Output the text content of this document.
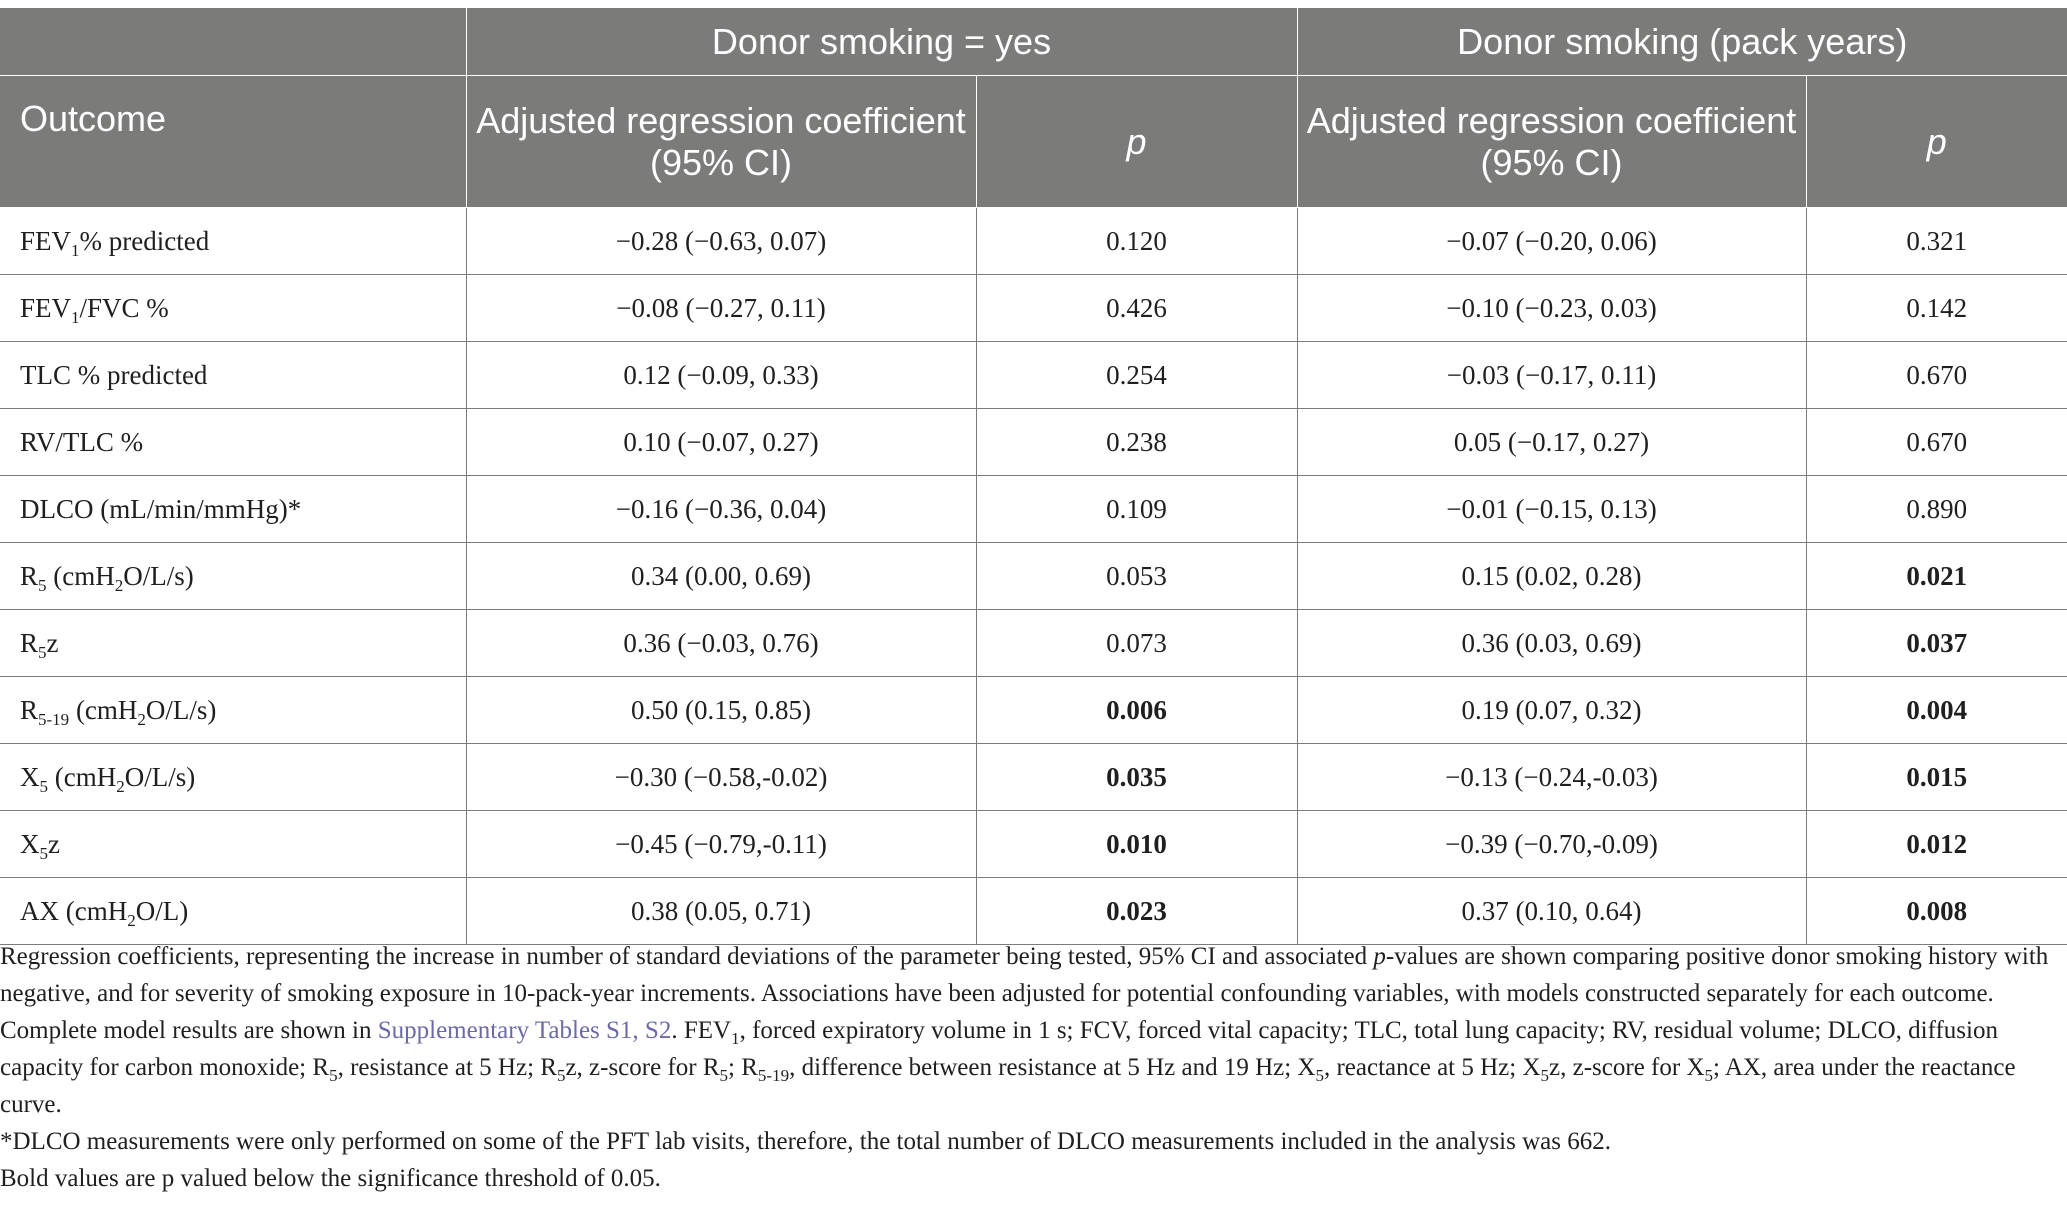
	Donor smoking = yes		Donor smoking (pack years)	
Outcome	Adjusted regression coefficient (95% CI)	p	Adjusted regression coefficient (95% CI)	p
$FEV_1\%$ predicted	−0.28 (−0.63, 0.07)	0.120	−0.07 (−0.20, 0.06)	0.321
$FEV_1$/FVC %	−0.08 (−0.27, 0.11)	0.426	−0.10 (−0.23, 0.03)	0.142
TLC % predicted	0.12 (−0.09, 0.33)	0.254	−0.03 (−0.17, 0.11)	0.670
RV/TLC %	0.10 (−0.07, 0.27)	0.238	0.05 (−0.17, 0.27)	0.670
DLCO (mL/min/mmHg)*	−0.16 (−0.36, 0.04)	0.109	−0.01 (−0.15, 0.13)	0.890
$R_5$ (cmH$_2$O/L/s)	0.34 (0.00, 0.69)	0.053	0.15 (0.02, 0.28)	0.021
$R_5z$	0.36 (−0.03, 0.76)	0.073	0.36 (0.03, 0.69)	0.037
$R_{5-19}$ (cmH$_2$O/L/s)	0.50 (0.15, 0.85)	0.006	0.19 (0.07, 0.32)	0.004
$X_5$ (cmH$_2$O/L/s)	−0.30 (−0.58,-0.02)	0.035	−0.13 (−0.24,-0.03)	0.015
$X_5z$	−0.45 (−0.79,-0.11)	0.010	−0.39 (−0.70,-0.09)	0.012
AX (cmH$_2$O/L)	0.38 (0.05, 0.71)	0.023	0.37 (0.10, 0.64)	0.008

Regression coefficients, representing the increase in number of standard deviations of the parameter being tested, 95% CI and associated p-values are shown comparing positive donor smoking history with negative, and for severity of smoking exposure in 10-pack-year increments. Associations have been adjusted for potential confounding variables, with models constructed separately for each outcome. Complete model results are shown in Supplementary Tables S1, S2. $FEV_1$, forced expiratory volume in 1 s; FCV, forced vital capacity; TLC, total lung capacity; RV, residual volume; DLCO, diffusion capacity for carbon monoxide; $R_5$, resistance at 5 Hz; $R_5z$, z-score for $R_5$; $R_{5-19}$, difference between resistance at 5 Hz and 19 Hz; $X_5$, reactance at 5 Hz; $X_5z$, z-score for $X_5$; AX, area under the reactance curve.

*DLCO measurements were only performed on some of the PFT lab visits, therefore, the total number of DLCO measurements included in the analysis was 662.

Bold values are p valued below the significance threshold of 0.05.
